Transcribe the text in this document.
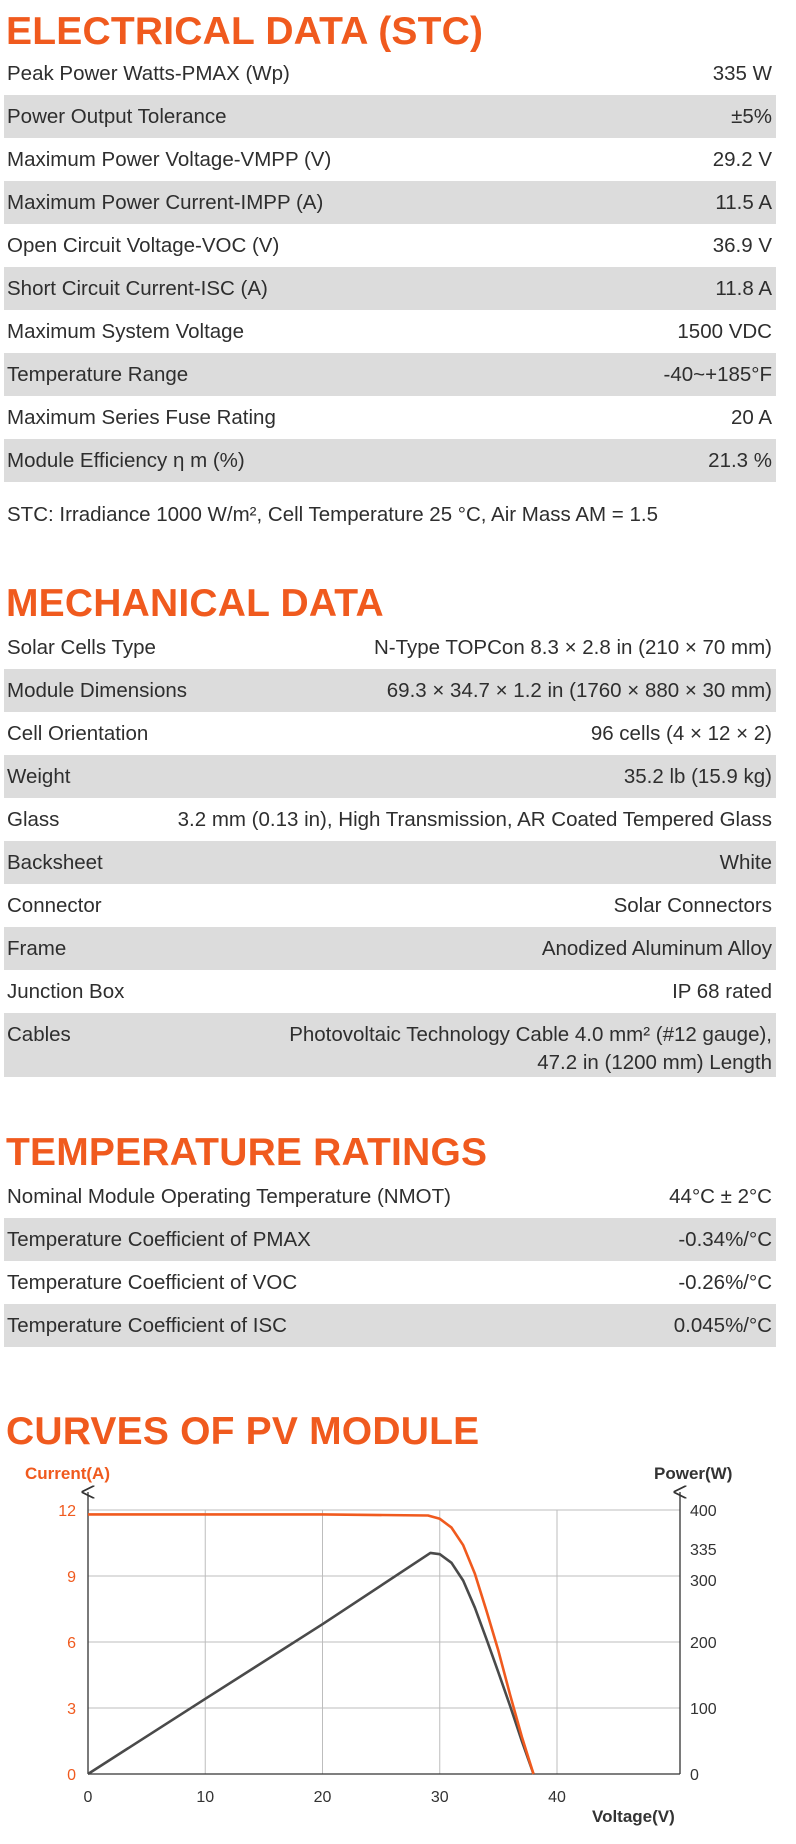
ELECTRICAL DATA (STC)
Peak Power Watts-PMAX (Wp)	335 W
Power Output Tolerance	±5%
Maximum Power Voltage-VMPP (V)	29.2 V
Maximum Power Current-IMPP (A)	11.5 A
Open Circuit Voltage-VOC (V)	36.9 V
Short Circuit Current-ISC (A)	11.8 A
Maximum System Voltage	1500 VDC
Temperature Range	-40~+185°F
Maximum Series Fuse Rating	20 A
Module Efficiency η m (%)	21.3 %
STC: Irradiance 1000 W/m², Cell Temperature 25 °C, Air Mass AM = 1.5
MECHANICAL DATA
Solar Cells Type	N-Type TOPCon 8.3 × 2.8 in (210 × 70 mm)
Module Dimensions	69.3 × 34.7 × 1.2 in (1760 × 880 × 30 mm)
Cell Orientation	96 cells (4 × 12 × 2)
Weight	35.2 lb (15.9 kg)
Glass	3.2 mm (0.13 in), High Transmission, AR Coated Tempered Glass
Backsheet	White
Connector	Solar Connectors
Frame	Anodized Aluminum Alloy
Junction Box	IP 68 rated
Cables	Photovoltaic Technology Cable 4.0 mm² (#12 gauge),
47.2 in (1200 mm) Length
TEMPERATURE RATINGS
Nominal Module Operating Temperature (NMOT)	44°C ± 2°C
Temperature Coefficient of PMAX	-0.34%/°C
Temperature Coefficient of VOC	-0.26%/°C
Temperature Coefficient of ISC	0.045%/°C
CURVES OF PV MODULE
0	10	20	30	40
0
3
6
9
12
0
100
200
300
335
400
Current(A)	Power(W)
Voltage(V)
